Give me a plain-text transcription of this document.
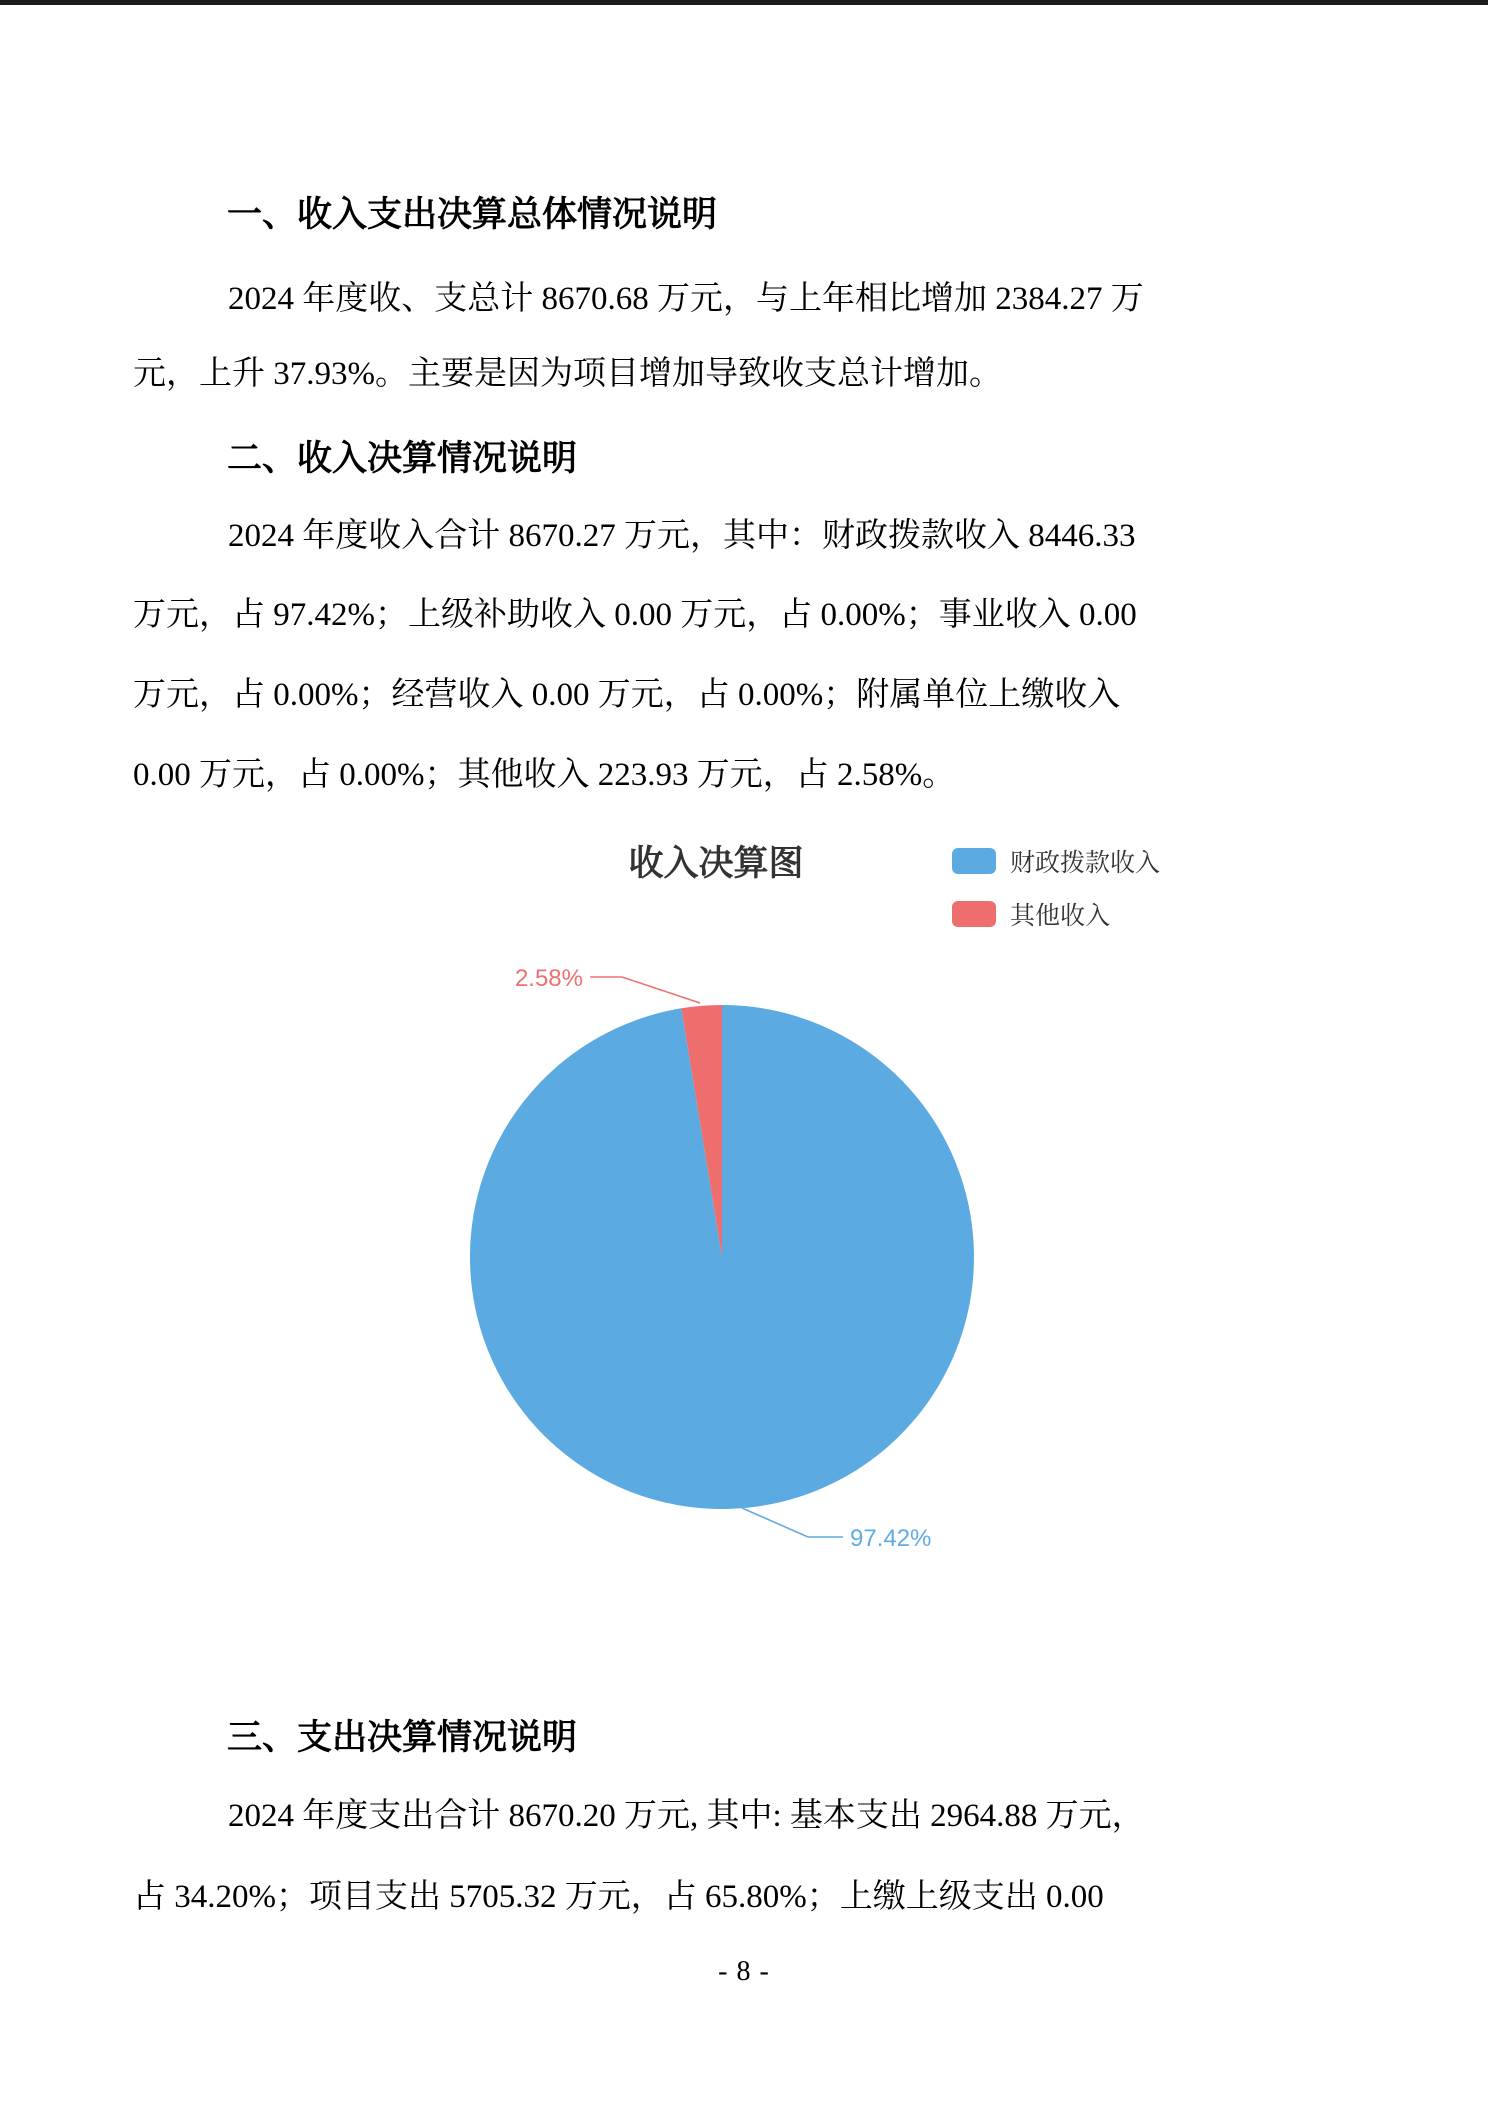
一、收入支出决算总体情况说明
2024 年度收、支总计 8670.68 万元，与上年相比增加 2384.27 万
元，上升 37.93%。主要是因为项目增加导致收支总计增加。
二、收入决算情况说明
2024 年度收入合计 8670.27 万元，其中：财政拨款收入 8446.33
万元，占 97.42%；上级补助收入 0.00 万元，占 0.00%；事业收入 0.00
万元，占 0.00%；经营收入 0.00 万元，占 0.00%；附属单位上缴收入
0.00 万元，占 0.00%；其他收入 223.93 万元，占 2.58%。
收入决算图	财政拨款收入
其他收入
97.42%
2.58%
三、支出决算情况说明
2024 年度支出合计 8670.20 万元, 其中: 基本支出 2964.88 万元，
占 34.20%；项目支出 5705.32 万元，占 65.80%；上缴上级支出 0.00
- 8 -
